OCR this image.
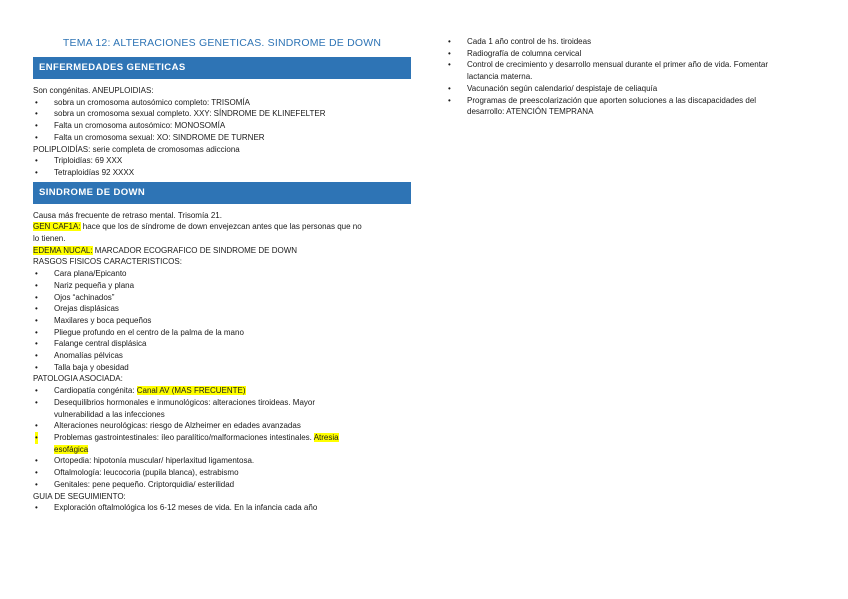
TEMA 12: ALTERACIONES GENETICAS. SINDROME DE DOWN
ENFERMEDADES GENETICAS
Son congénitas. ANEUPLOIDIAS:
• sobra un cromosoma autosómico completo: TRISOMÍA
• sobra un cromosoma sexual completo. XXY: SÍNDROME DE KLINEFELTER
• Falta un cromosoma autosómico: MONOSOMÍA
• Falta un cromosoma sexual: XO: SINDROME DE TURNER
POLIPLOIDÍAS: serie completa de cromosomas adicciona
• Triploidías: 69 XXX
• Tetraploidías 92 XXXX
SINDROME DE DOWN
Causa más frecuente de retraso mental. Trisomía 21.
GEN CAF1A: hace que los de síndrome de down envejezcan antes que las personas que no
lo tienen.
EDEMA NUCAL: MARCADOR ECOGRAFICO DE SINDROME DE DOWN
RASGOS FISICOS CARACTERISTICOS:
• Cara plana/Epicanto
• Nariz pequeña y plana
• Ojos “achinados”
• Orejas displásicas
• Maxilares y boca pequeños
• Pliegue profundo en el centro de la palma de la mano
• Falange central displásica
• Anomalías pélvicas
• Talla baja y obesidad
PATOLOGIA ASOCIADA:
• Cardiopatía congénita: Canal AV (MAS FRECUENTE)
• Desequilibrios hormonales e inmunológicos: alteraciones tiroideas. Mayor
vulnerabilidad a las infecciones
• Alteraciones neurológicas: riesgo de Alzheimer en edades avanzadas
• Problemas gastrointestinales: íleo paralítico/malformaciones intestinales. Atresia
esofágica
• Ortopedia: hipotonía muscular/ hiperlaxitud ligamentosa.
• Oftalmología: leucocoria (pupila blanca), estrabismo
• Genitales: pene pequeño. Criptorquidia/ esterilidad
GUIA DE SEGUIMIENTO:
• Exploración oftalmológica los 6-12 meses de vida. En la infancia cada año
• Cada 1 año control de hs. tiroideas
• Radiografía de columna cervical
• Control de crecimiento y desarrollo mensual durante el primer año de vida. Fomentar
lactancia materna.
• Vacunación según calendario/ despistaje de celiaquía
• Programas de preescolarización que aporten soluciones a las discapacidades del
desarrollo: ATENCIÓN TEMPRANA
